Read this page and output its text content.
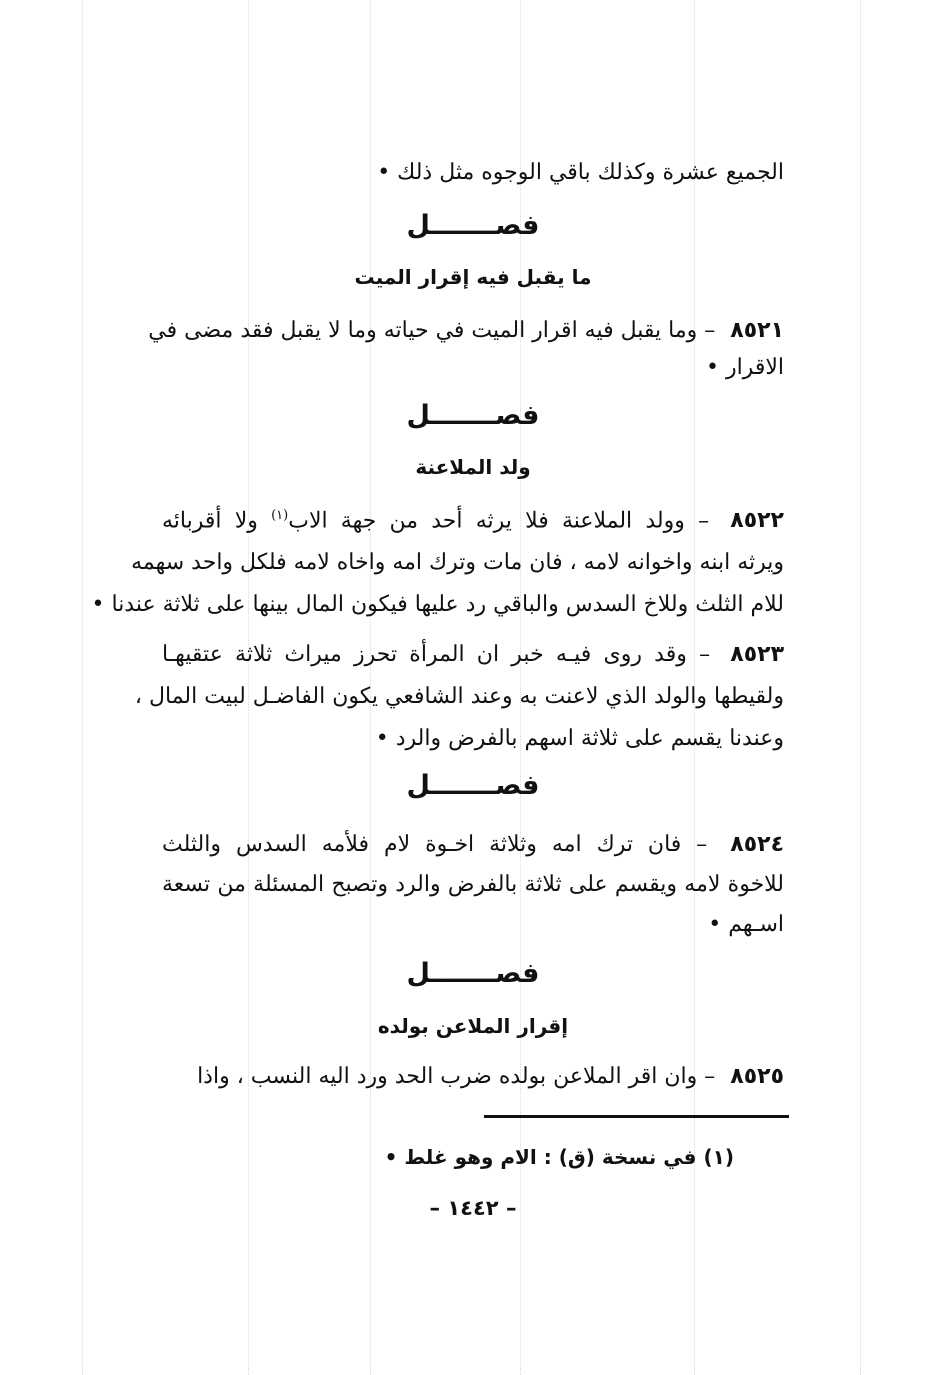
الجميع عشرة وكذلك باقي الوجوه مثل ذلك •
فصـــــــل
ما يقبل فيه إقرار الميت
٨٥٢١ – وما يقبل فيه اقرار الميت في حياته وما لا يقبل فقد مضى في
الاقرار •
فصـــــــل
ولد الملاعنة
٨٥٢٢ – وولد الملاعنة فلا يرثه أحد من جهة الاب$^{(١)}$ ولا أقربائه
ويرثه ابنه واخوانه لامه ، فان مات وترك امه واخاه لامه فلكل واحد سهمه
للام الثلث وللاخ السدس والباقي رد عليها فيكون المال بينها على ثلاثة عندنا •
٨٥٢٣ – وقد روى فيـه خبر ان المرأة تحرز ميراث ثلاثة عتقيهـا
ولقيطها والولد الذي لاعنت به وعند الشافعي يكون الفاضـل لبيت المال ،
وعندنا يقسم على ثلاثة اسهم بالفرض والرد •
فصـــــــل
٨٥٢٤ – فان ترك امه وثلاثة اخـوة لام فلأمه السدس والثلث
للاخوة لامه ويقسم على ثلاثة بالفرض والرد وتصبح المسئلة من تسعة
اسـهم •
فصـــــــل
إقرار الملاعن بولده
٨٥٢٥ – وان اقر الملاعن بولده ضرب الحد ورد اليه النسب ، واذا
(١) في نسخة (ق) : الام وهو غلط •
– ١٤٤٢ –
